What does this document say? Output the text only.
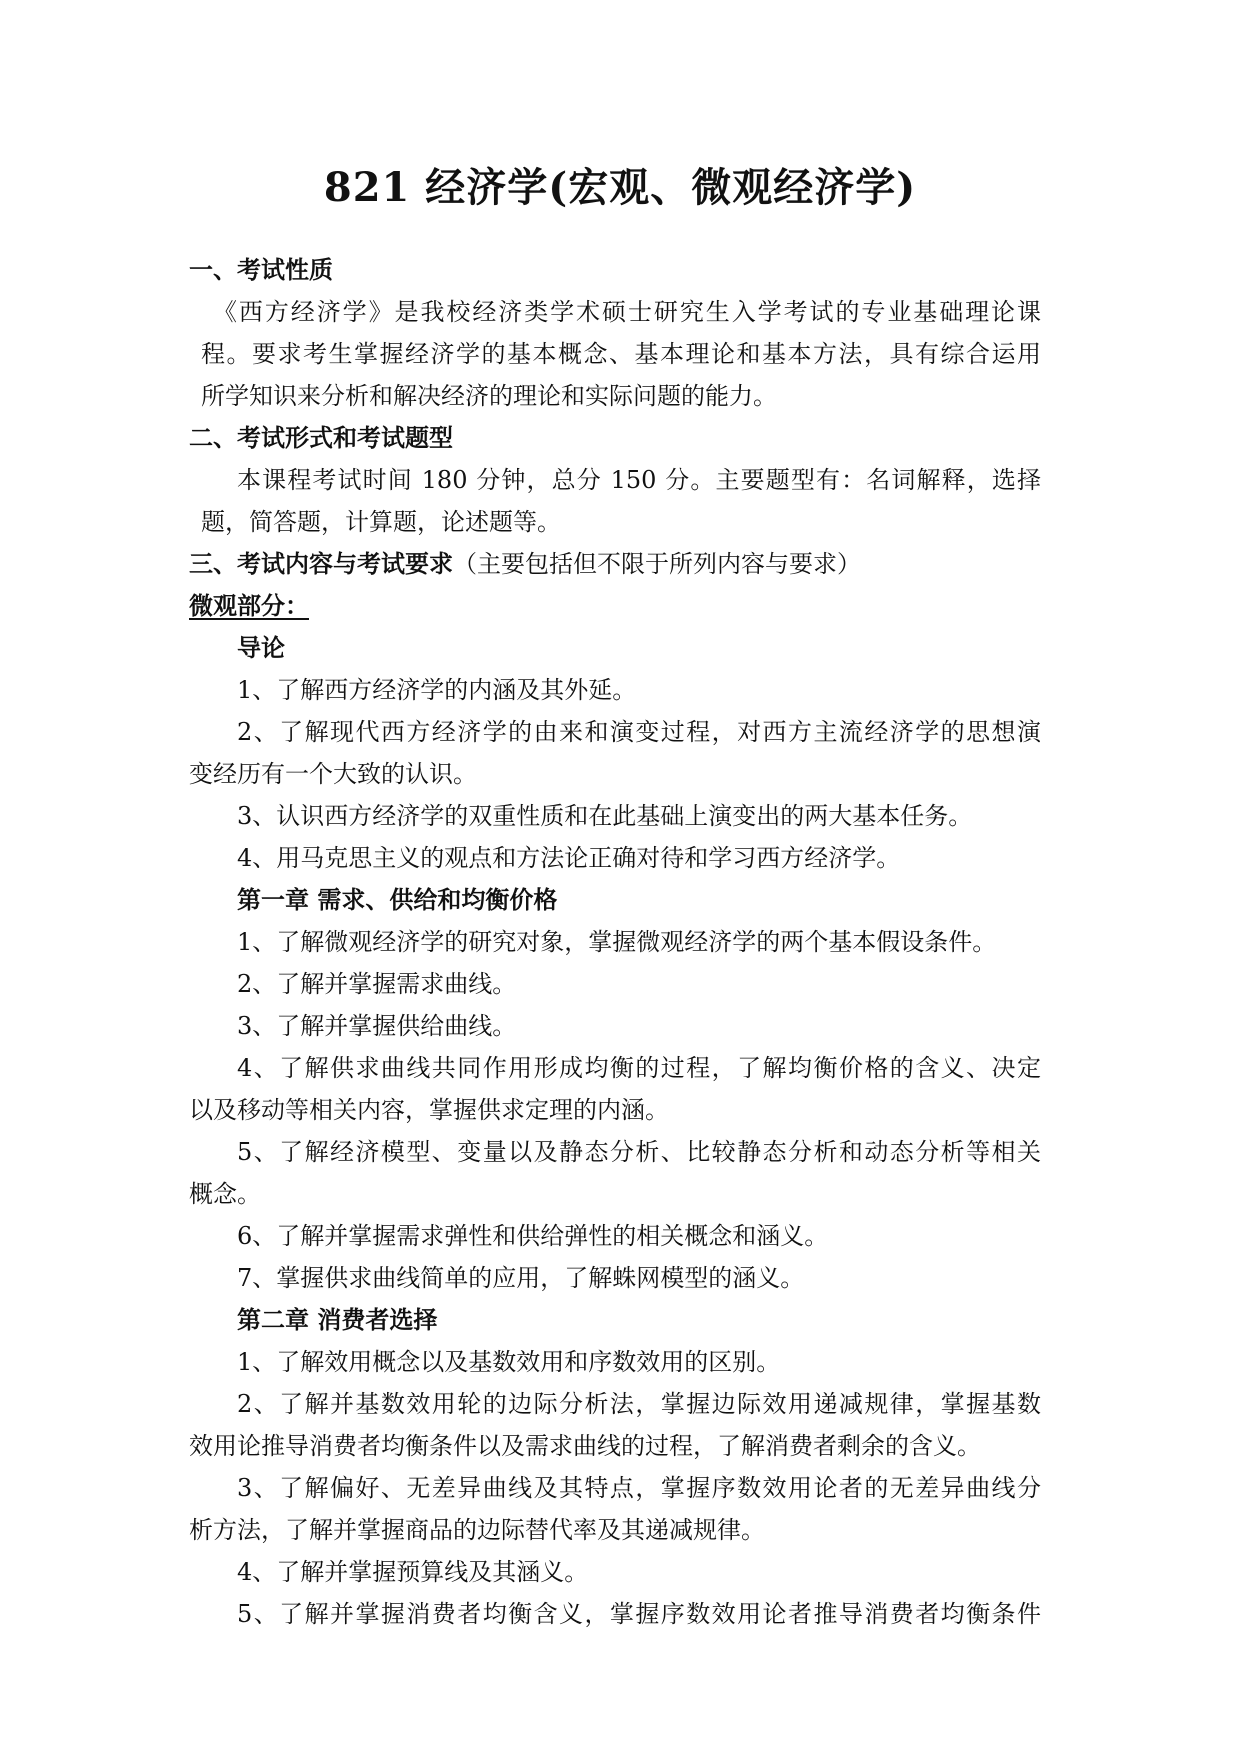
821 经济学(宏观、微观经济学)

一、考试性质

《西方经济学》是我校经济类学术硕士研究生入学考试的专业基础理论课

程。要求考生掌握经济学的基本概念、基本理论和基本方法，具有综合运用

所学知识来分析和解决经济的理论和实际问题的能力。

二、考试形式和考试题型

本课程考试时间 180 分钟，总分 150 分。主要题型有：名词解释，选择

题，简答题，计算题，论述题等。

三、考试内容与考试要求（主要包括但不限于所列内容与要求）

微观部分：

导论

1、了解西方经济学的内涵及其外延。

2、了解现代西方经济学的由来和演变过程，对西方主流经济学的思想演

变经历有一个大致的认识。

3、认识西方经济学的双重性质和在此基础上演变出的两大基本任务。

4、用马克思主义的观点和方法论正确对待和学习西方经济学。

第一章 需求、供给和均衡价格

1、了解微观经济学的研究对象，掌握微观经济学的两个基本假设条件。

2、了解并掌握需求曲线。

3、了解并掌握供给曲线。

4、了解供求曲线共同作用形成均衡的过程，了解均衡价格的含义、决定

以及移动等相关内容，掌握供求定理的内涵。

5、了解经济模型、变量以及静态分析、比较静态分析和动态分析等相关

概念。

6、了解并掌握需求弹性和供给弹性的相关概念和涵义。

7、掌握供求曲线简单的应用，了解蛛网模型的涵义。

第二章 消费者选择

1、了解效用概念以及基数效用和序数效用的区别。

2、了解并基数效用轮的边际分析法，掌握边际效用递减规律，掌握基数

效用论推导消费者均衡条件以及需求曲线的过程，了解消费者剩余的含义。

3、了解偏好、无差异曲线及其特点，掌握序数效用论者的无差异曲线分

析方法，了解并掌握商品的边际替代率及其递减规律。

4、了解并掌握预算线及其涵义。

5、了解并掌握消费者均衡含义，掌握序数效用论者推导消费者均衡条件
